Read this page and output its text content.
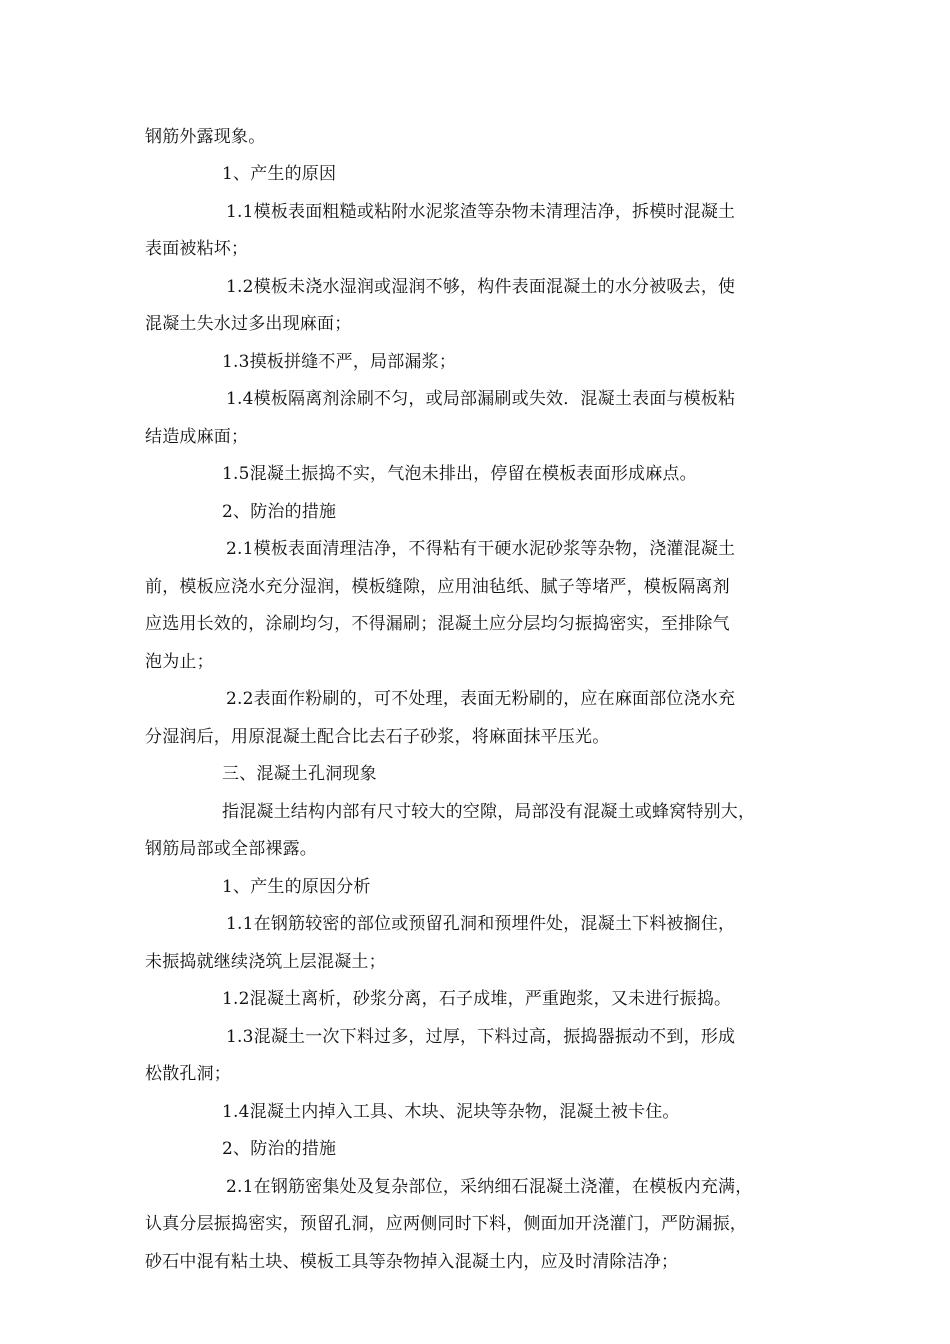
钢筋外露现象。
1、产生的原因
1.1模板表面粗糙或粘附水泥浆渣等杂物未清理洁净，拆模时混凝土
表面被粘坏；
1.2模板未浇水湿润或湿润不够，构件表面混凝土的水分被吸去，使
混凝土失水过多出现麻面；
1.3摸板拼缝不严，局部漏浆；
1.4模板隔离剂涂刷不匀，或局部漏刷或失效．混凝土表面与模板粘
结造成麻面；
1.5混凝土振捣不实，气泡未排出，停留在模板表面形成麻点。
2、防治的措施
2.1模板表面清理洁净，不得粘有干硬水泥砂浆等杂物，浇灌混凝土
前，模板应浇水充分湿润，模板缝隙，应用油毡纸、腻子等堵严，模板隔离剂
应选用长效的，涂刷均匀，不得漏刷；混凝土应分层均匀振捣密实，至排除气
泡为止；
2.2表面作粉刷的，可不处理，表面无粉刷的，应在麻面部位浇水充
分湿润后，用原混凝土配合比去石子砂浆，将麻面抹平压光。
三、混凝土孔洞现象
指混凝土结构内部有尺寸较大的空隙，局部没有混凝土或蜂窝特别大，
钢筋局部或全部裸露。
1、产生的原因分析
1.1在钢筋较密的部位或预留孔洞和预埋件处，混凝土下料被搁住，
未振捣就继续浇筑上层混凝土；
1.2混凝土离析，砂浆分离，石子成堆，严重跑浆，又未进行振捣。
1.3混凝土一次下料过多，过厚，下料过高，振捣器振动不到，形成
松散孔洞；
1.4混凝土内掉入工具、木块、泥块等杂物，混凝土被卡住。
2、防治的措施
2.1在钢筋密集处及复杂部位，采纳细石混凝土浇灌，在模板内充满，
认真分层振捣密实，预留孔洞，应两侧同时下料，侧面加开浇灌门，严防漏振，
砂石中混有粘土块、模板工具等杂物掉入混凝土内，应及时清除洁净；
